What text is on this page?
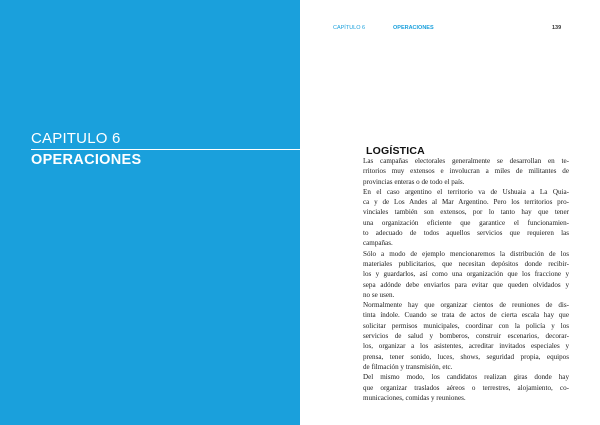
CAPITULO 6
OPERACIONES
CAPÍTULO 6	OPERACIONES	139
LOGÍSTICA
Las campañas electorales generalmente se desarrollan en te-
rritorios muy extensos e involucran a miles de militantes de
provincias enteras o de todo el país.
En el caso argentino el territorio va de Ushuaia a La Quia-
ca y de Los Andes al Mar Argentino. Pero los territorios pro-
vinciales también son extensos, por lo tanto hay que tener
una organización eficiente que garantice el funcionamien-
to adecuado de todos aquellos servicios que requieren las
campañas.
Sólo a modo de ejemplo mencionaremos la distribución de los
materiales publicitarios, que necesitan depósitos donde recibir-
los y guardarlos, así como una organización que los fraccione y
sepa adónde debe enviarlos para evitar que queden olvidados y
no se usen.
Normalmente hay que organizar cientos de reuniones de dis-
tinta índole. Cuando se trata de actos de cierta escala hay que
solicitar permisos municipales, coordinar con la policía y los
servicios de salud y bomberos, construir escenarios, decorar-
los, organizar a los asistentes, acreditar invitados especiales y
prensa, tener sonido, luces, shows, seguridad propia, equipos
de filmación y transmisión, etc.
Del mismo modo, los candidatos realizan giras donde hay
que organizar traslados aéreos o terrestres, alojamiento, co-
municaciones, comidas y reuniones.
